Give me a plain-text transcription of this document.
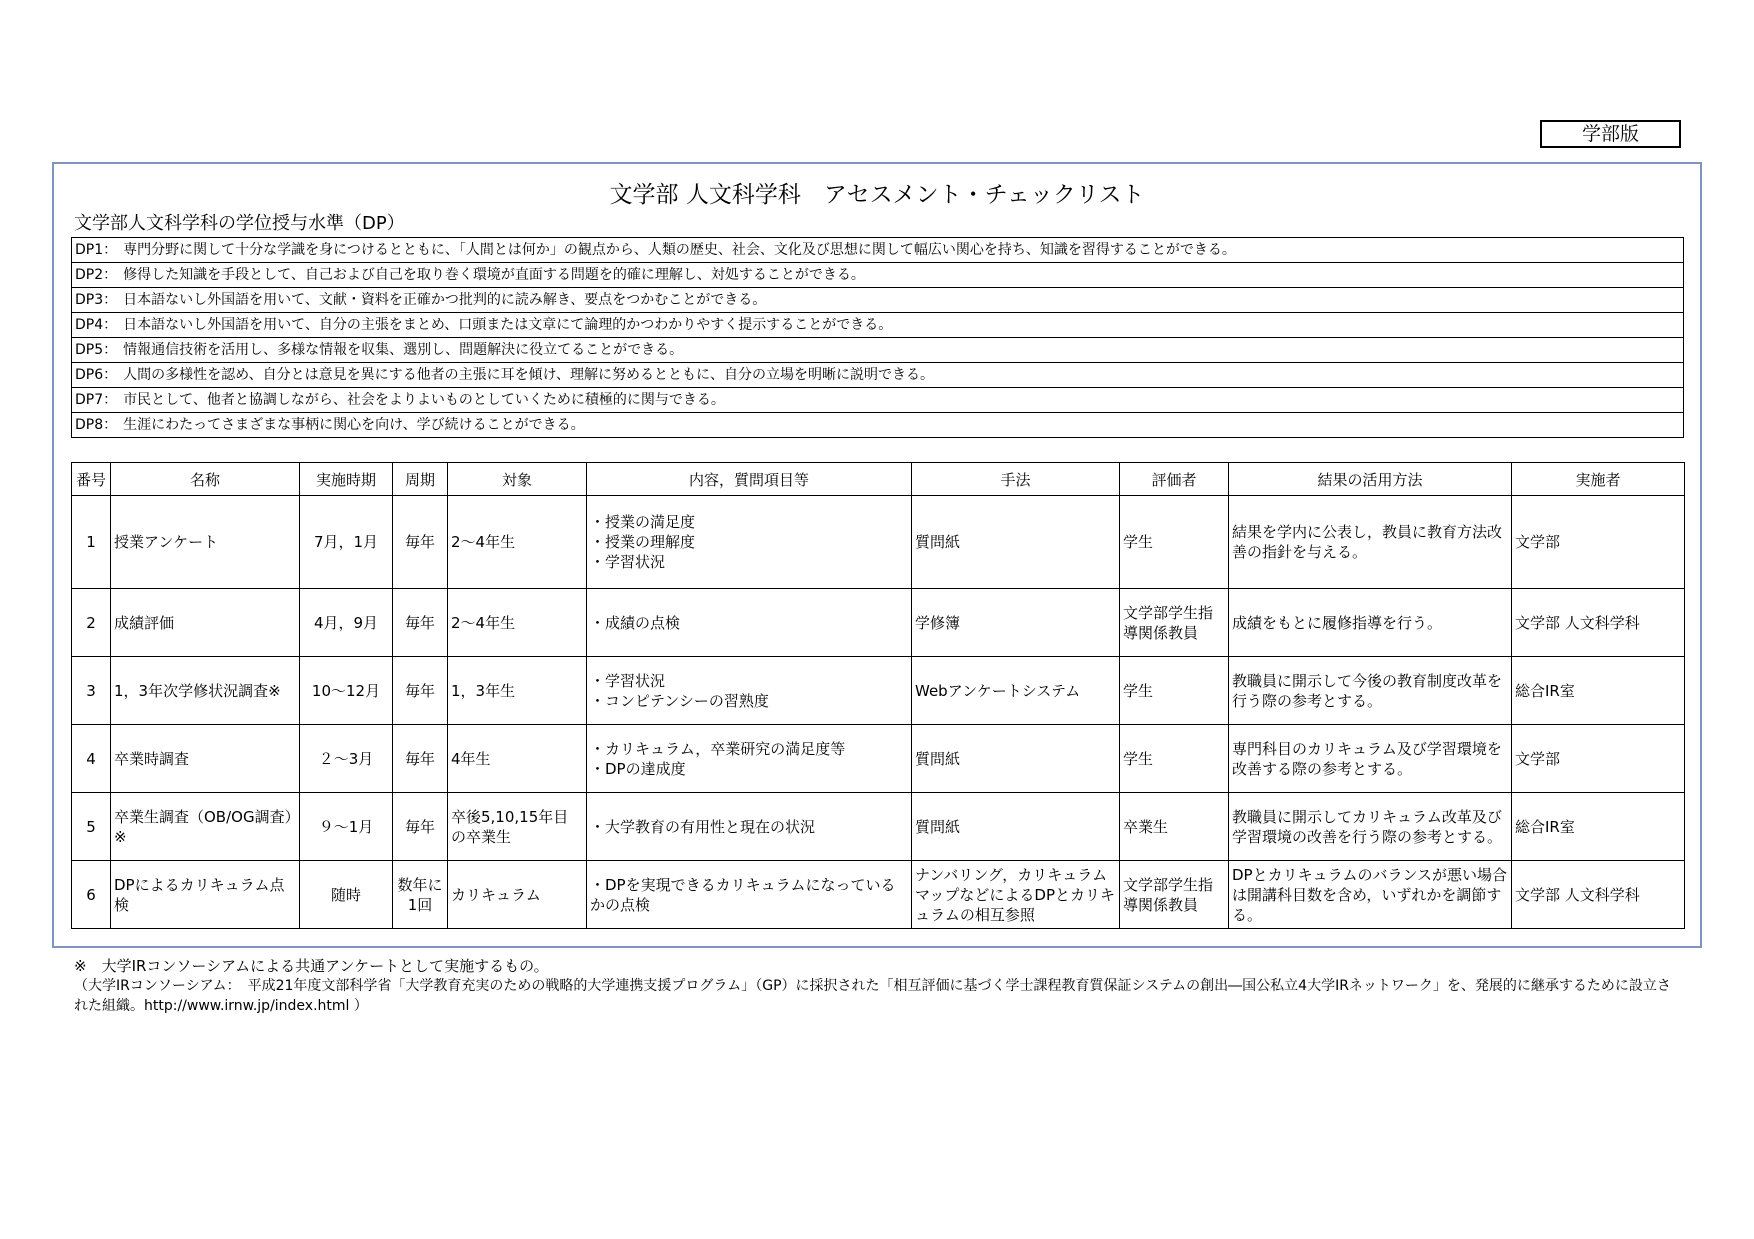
学部版
文学部 人文科学科　アセスメント・チェックリスト
文学部人文科学科の学位授与水準（DP）
DP1： 専門分野に関して十分な学識を身につけるとともに、「人間とは何か」の観点から、人類の歴史、社会、文化及び思想に関して幅広い関心を持ち、知識を習得することができる。
DP2： 修得した知識を手段として、自己および自己を取り巻く環境が直面する問題を的確に理解し、対処することができる。
DP3： 日本語ないし外国語を用いて、文献・資料を正確かつ批判的に読み解き、要点をつかむことができる。
DP4： 日本語ないし外国語を用いて、自分の主張をまとめ、口頭または文章にて論理的かつわかりやすく提示することができる。
DP5： 情報通信技術を活用し、多様な情報を収集、選別し、問題解決に役立てることができる。
DP6： 人間の多様性を認め、自分とは意見を異にする他者の主張に耳を傾け、理解に努めるとともに、自分の立場を明晰に説明できる。
DP7： 市民として、他者と協調しながら、社会をよりよいものとしていくために積極的に関与できる。
DP8： 生涯にわたってさまざまな事柄に関心を向け、学び続けることができる。
番号	名称	実施時期	周期	対象	内容，質問項目等	手法	評価者	結果の活用方法	実施者
1	授業アンケート	7月，1月	毎年	2～4年生	・授業の満足度

・授業の理解度

・学習状況	質問紙	学生	結果を学内に公表し，教員に教育方法改善の指針を与える。	文学部
2	成績評価	4月，9月	毎年	2～4年生	・成績の点検	学修簿	文学部学生指導関係教員	成績をもとに履修指導を行う。	文学部 人文科学科
3	1，3年次学修状況調査※	10～12月	毎年	1，3年生	・学習状況

・コンピテンシーの習熟度	Webアンケートシステム	学生	教職員に開示して今後の教育制度改革を行う際の参考とする。	総合IR室
4	卒業時調査	２～3月	毎年	4年生	・カリキュラム，卒業研究の満足度等

・DPの達成度	質問紙	学生	専門科目のカリキュラム及び学習環境を改善する際の参考とする。	文学部
5	卒業生調査（OB/OG調査）※	９～1月	毎年	卒後5,10,15年目の卒業生	・大学教育の有用性と現在の状況	質問紙	卒業生	教職員に開示してカリキュラム改革及び学習環境の改善を行う際の参考とする。	総合IR室
6	DPによるカリキュラム点検	随時	数年に1回	カリキュラム	・DPを実現できるカリキュラムになっているかの点検	ナンバリング，カリキュラムマップなどによるDPとカリキュラムの相互参照	文学部学生指導関係教員	DPとカリキュラムのバランスが悪い場合は開講科目数を含め，いずれかを調節する。	文学部 人文科学科
※　大学IRコンソーシアムによる共通アンケートとして実施するもの。
（大学IRコンソーシアム：　平成21年度文部科学省「大学教育充実のための戦略的大学連携支援プログラム」（GP）に採択された「相互評価に基づく学士課程教育質保証システムの創出―国公私立4大学IRネットワーク」を、発展的に継承するために設立された組織。http://www.irnw.jp/index.html ）
